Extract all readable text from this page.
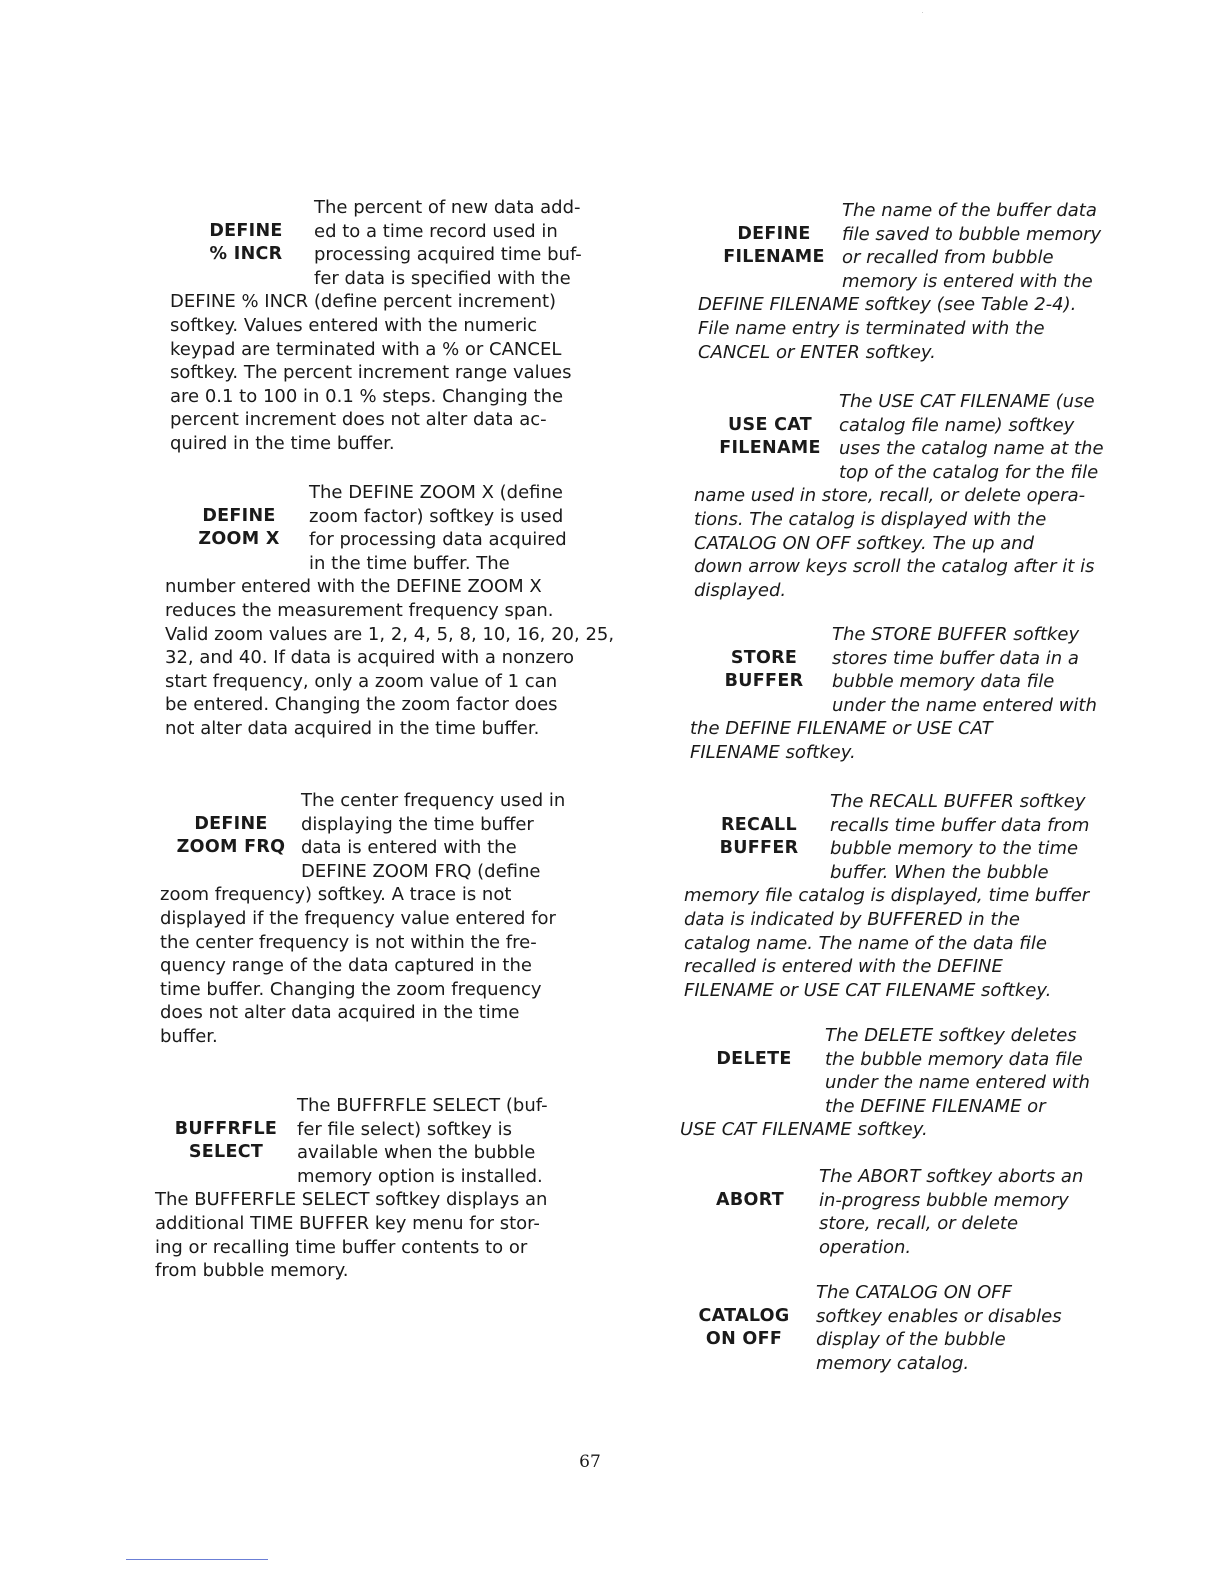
DEFINE
% INCR
The percent of new data add-
ed to a time record used in
processing acquired time buf-
fer data is specified with the
DEFINE % INCR (define percent increment)
softkey. Values entered with the numeric
keypad are terminated with a % or CANCEL
softkey. The percent increment range values
are 0.1 to 100 in 0.1 % steps. Changing the
percent increment does not alter data ac-
quired in the time buffer.
DEFINE
ZOOM X
The DEFINE ZOOM X (define
zoom factor) softkey is used
for processing data acquired
in the time buffer. The
number entered with the DEFINE ZOOM X
reduces the measurement frequency span.
Valid zoom values are 1, 2, 4, 5, 8, 10, 16, 20, 25,
32, and 40. If data is acquired with a nonzero
start frequency, only a zoom value of 1 can
be entered. Changing the zoom factor does
not alter data acquired in the time buffer.
DEFINE
ZOOM FRQ
The center frequency used in
displaying the time buffer
data is entered with the
DEFINE ZOOM FRQ (define
zoom frequency) softkey. A trace is not
displayed if the frequency value entered for
the center frequency is not within the fre-
quency range of the data captured in the
time buffer. Changing the zoom frequency
does not alter data acquired in the time
buffer.
BUFFRFLE
SELECT
The BUFFRFLE SELECT (buf-
fer file select) softkey is
available when the bubble
memory option is installed.
The BUFFERFLE SELECT softkey displays an
additional TIME BUFFER key menu for stor-
ing or recalling time buffer contents to or
from bubble memory.
DEFINE
FILENAME
The name of the buffer data
file saved to bubble memory
or recalled from bubble
memory is entered with the
DEFINE FILENAME softkey (see Table 2-4).
File name entry is terminated with the
CANCEL or ENTER softkey.
USE CAT
FILENAME
The USE CAT FILENAME (use
catalog file name) softkey
uses the catalog name at the
top of the catalog for the file
name used in store, recall, or delete opera-
tions. The catalog is displayed with the
CATALOG ON OFF softkey. The up and
down arrow keys scroll the catalog after it is
displayed.
STORE
BUFFER
The STORE BUFFER softkey
stores time buffer data in a
bubble memory data file
under the name entered with
the DEFINE FILENAME or USE CAT
FILENAME softkey.
RECALL
BUFFER
The RECALL BUFFER softkey
recalls time buffer data from
bubble memory to the time
buffer. When the bubble
memory file catalog is displayed, time buffer
data is indicated by BUFFERED in the
catalog name. The name of the data file
recalled is entered with the DEFINE
FILENAME or USE CAT FILENAME softkey.
DELETE
The DELETE softkey deletes
the bubble memory data file
under the name entered with
the DEFINE FILENAME or
USE CAT FILENAME softkey.
ABORT
The ABORT softkey aborts an
in-progress bubble memory
store, recall, or delete
operation.
CATALOG
ON OFF
The CATALOG ON OFF
softkey enables or disables
display of the bubble
memory catalog.
67
